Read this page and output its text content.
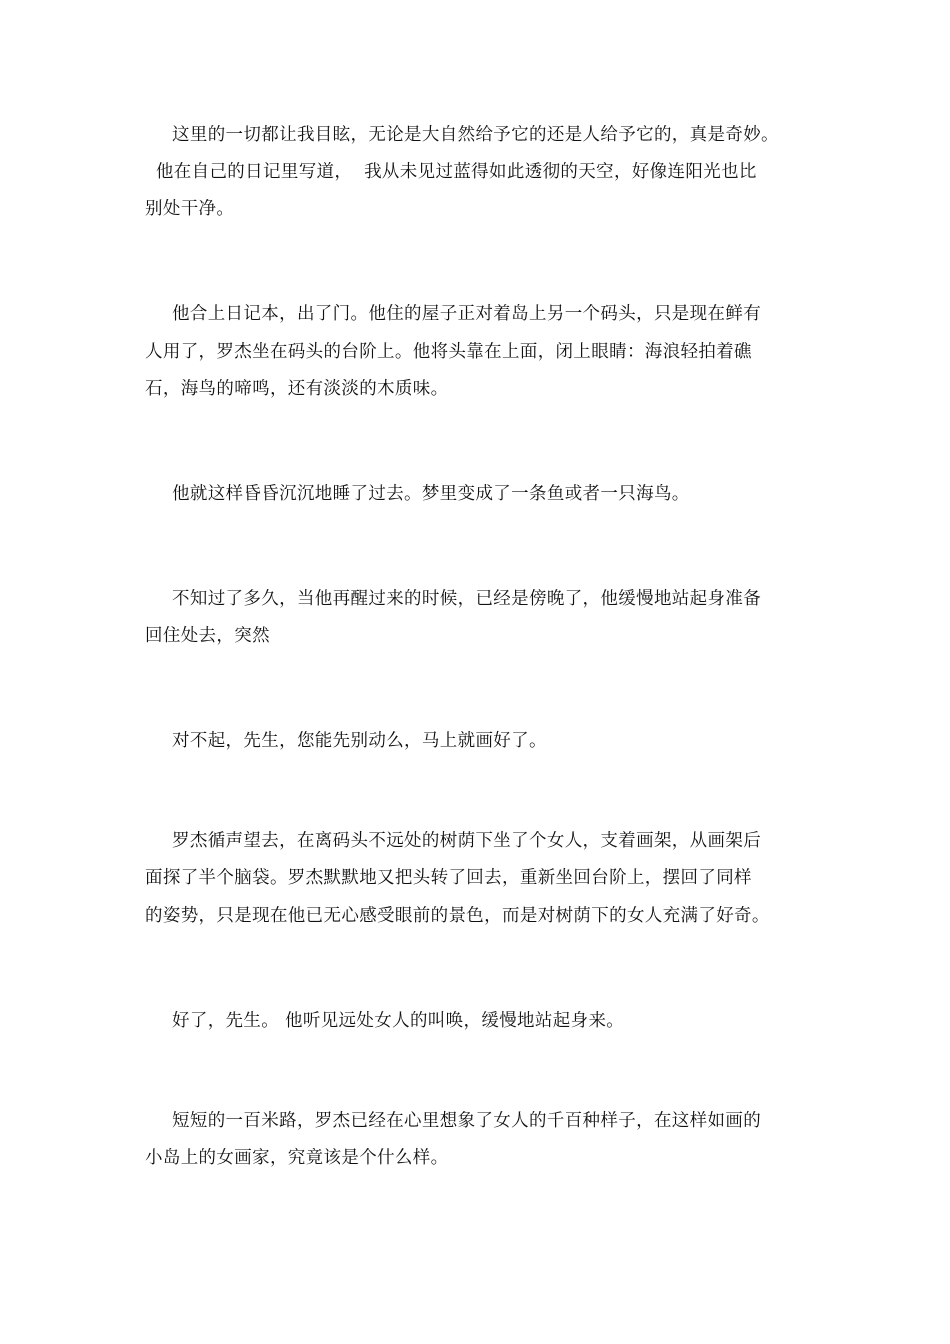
这里的一切都让我目眩，无论是大自然给予它的还是人给予它的，真是奇妙。

他在自己的日记里写道，  我从未见过蓝得如此透彻的天空，好像连阳光也比

别处干净。

他合上日记本，出了门。他住的屋子正对着岛上另一个码头，只是现在鲜有

人用了，罗杰坐在码头的台阶上。他将头靠在上面，闭上眼睛：海浪轻拍着礁

石，海鸟的啼鸣，还有淡淡的木质味。

他就这样昏昏沉沉地睡了过去。梦里变成了一条鱼或者一只海鸟。

不知过了多久，当他再醒过来的时候，已经是傍晚了，他缓慢地站起身准备

回住处去，突然

对不起，先生，您能先别动么，马上就画好了。

罗杰循声望去，在离码头不远处的树荫下坐了个女人，支着画架，从画架后

面探了半个脑袋。罗杰默默地又把头转了回去，重新坐回台阶上，摆回了同样

的姿势，只是现在他已无心感受眼前的景色，而是对树荫下的女人充满了好奇。

好了，先生。 他听见远处女人的叫唤，缓慢地站起身来。

短短的一百米路，罗杰已经在心里想象了女人的千百种样子，在这样如画的

小岛上的女画家，究竟该是个什么样。
